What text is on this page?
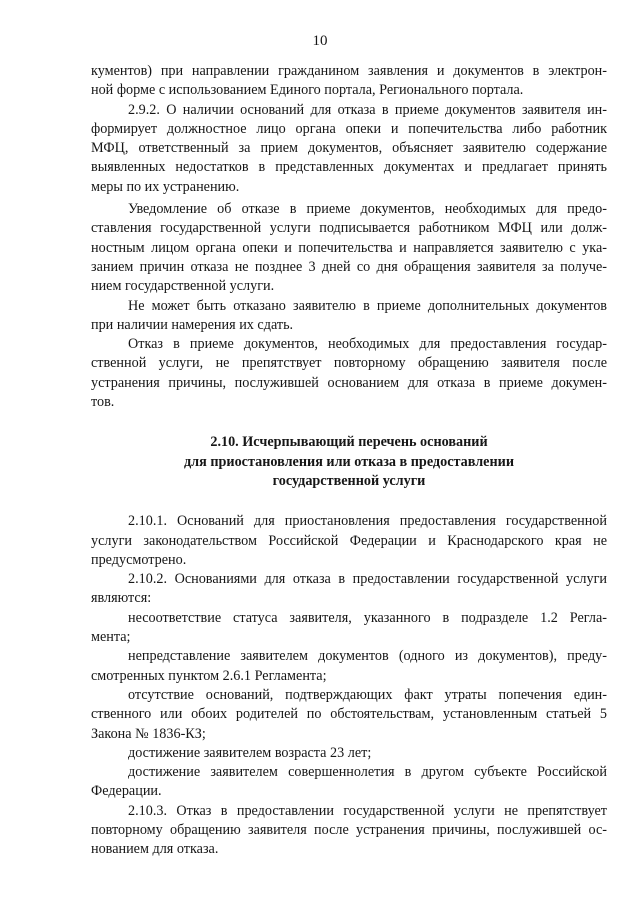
10
кументов) при направлении гражданином заявления и документов в электрон-
ной форме с использованием Единого портала, Регионального портала.
2.9.2. О наличии оснований для отказа в приеме документов заявителя ин-
формирует должностное лицо органа опеки и попечительства либо работник
МФЦ, ответственный за прием документов, объясняет заявителю содержание
выявленных недостатков в представленных документах и предлагает принять
меры по их устранению.
Уведомление об отказе в приеме документов, необходимых для предо-
ставления государственной услуги подписывается работником МФЦ или долж-
ностным лицом органа опеки и попечительства и направляется заявителю с ука-
занием причин отказа не позднее 3 дней со дня обращения заявителя за получе-
нием государственной услуги.
Не может быть отказано заявителю в приеме дополнительных документов
при наличии намерения их сдать.
Отказ в приеме документов, необходимых для предоставления государ-
ственной услуги, не препятствует повторному обращению заявителя после
устранения причины, послужившей основанием для отказа в приеме докумен-
тов.
2.10. Исчерпывающий перечень оснований
для приостановления или отказа в предоставлении
государственной услуги
2.10.1. Оснований для приостановления предоставления государственной
услуги законодательством Российской Федерации и Краснодарского края не
предусмотрено.
2.10.2. Основаниями для отказа в предоставлении государственной услуги
являются:
несоответствие статуса заявителя, указанного в подразделе 1.2 Регла-
мента;
непредставление заявителем документов (одного из документов), преду-
смотренных пунктом 2.6.1 Регламента;
отсутствие оснований, подтверждающих факт утраты попечения един-
ственного или обоих родителей по обстоятельствам, установленным статьей 5
Закона № 1836-КЗ;
достижение заявителем возраста 23 лет;
достижение заявителем совершеннолетия в другом субъекте Российской
Федерации.
2.10.3. Отказ в предоставлении государственной услуги не препятствует
повторному обращению заявителя после устранения причины, послужившей ос-
нованием для отказа.
